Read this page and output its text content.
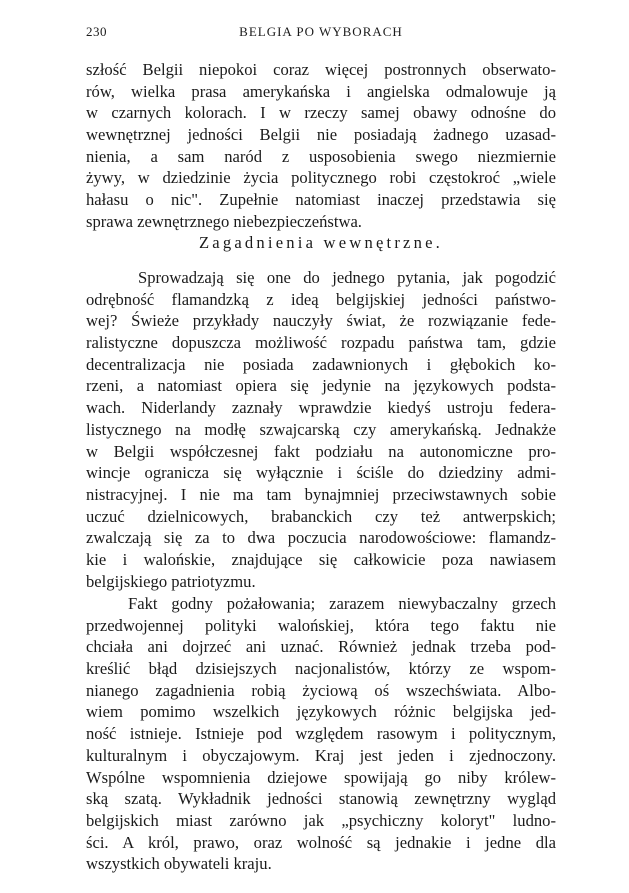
230	BELGIA PO WYBORACH
szłość Belgii niepokoi coraz więcej postronnych obserwato-
rów, wielka prasa amerykańska i angielska odmalowuje ją
w czarnych kolorach. I w rzeczy samej obawy odnośne do
wewnętrznej jedności Belgii nie posiadają żadnego uzasad-
nienia, a sam naród z usposobienia swego niezmiernie
żywy, w dziedzinie życia politycznego robi częstokroć „wiele
hałasu o nic". Zupełnie natomiast inaczej przedstawia się
sprawa zewnętrznego niebezpieczeństwa.
Zagadnienia wewnętrzne.
Sprowadzają się one do jednego pytania, jak pogodzić
odrębność flamandzką z ideą belgijskiej jedności państwo-
wej? Świeże przykłady nauczyły świat, że rozwiązanie fede-
ralistyczne dopuszcza możliwość rozpadu państwa tam, gdzie
decentralizacja nie posiada zadawnionych i głębokich ko-
rzeni, a natomiast opiera się jedynie na językowych podsta-
wach. Niderlandy zaznały wprawdzie kiedyś ustroju federa-
listycznego na modłę szwajcarską czy amerykańską. Jednakże
w Belgii współczesnej fakt podziału na autonomiczne pro-
wincje ogranicza się wyłącznie i ściśle do dziedziny admi-
nistracyjnej. I nie ma tam bynajmniej przeciwstawnych sobie
uczuć dzielnicowych, brabanckich czy też antwerpskich;
zwalczają się za to dwa poczucia narodowościowe: flamandz-
kie i walońskie, znajdujące się całkowicie poza nawiasem
belgijskiego patriotyzmu.
Fakt godny pożałowania; zarazem niewybaczalny grzech
przedwojennej polityki walońskiej, która tego faktu nie
chciała ani dojrzeć ani uznać. Również jednak trzeba pod-
kreślić błąd dzisiejszych nacjonalistów, którzy ze wspom-
nianego zagadnienia robią życiową oś wszechświata. Albo-
wiem pomimo wszelkich językowych różnic belgijska jed-
ność istnieje. Istnieje pod względem rasowym i politycznym,
kulturalnym i obyczajowym. Kraj jest jeden i zjednoczony.
Wspólne wspomnienia dziejowe spowijają go niby królew-
ską szatą. Wykładnik jedności stanowią zewnętrzny wygląd
belgijskich miast zarówno jak „psychiczny koloryt" ludno-
ści. A król, prawo, oraz wolność są jednakie i jedne dla
wszystkich obywateli kraju.
